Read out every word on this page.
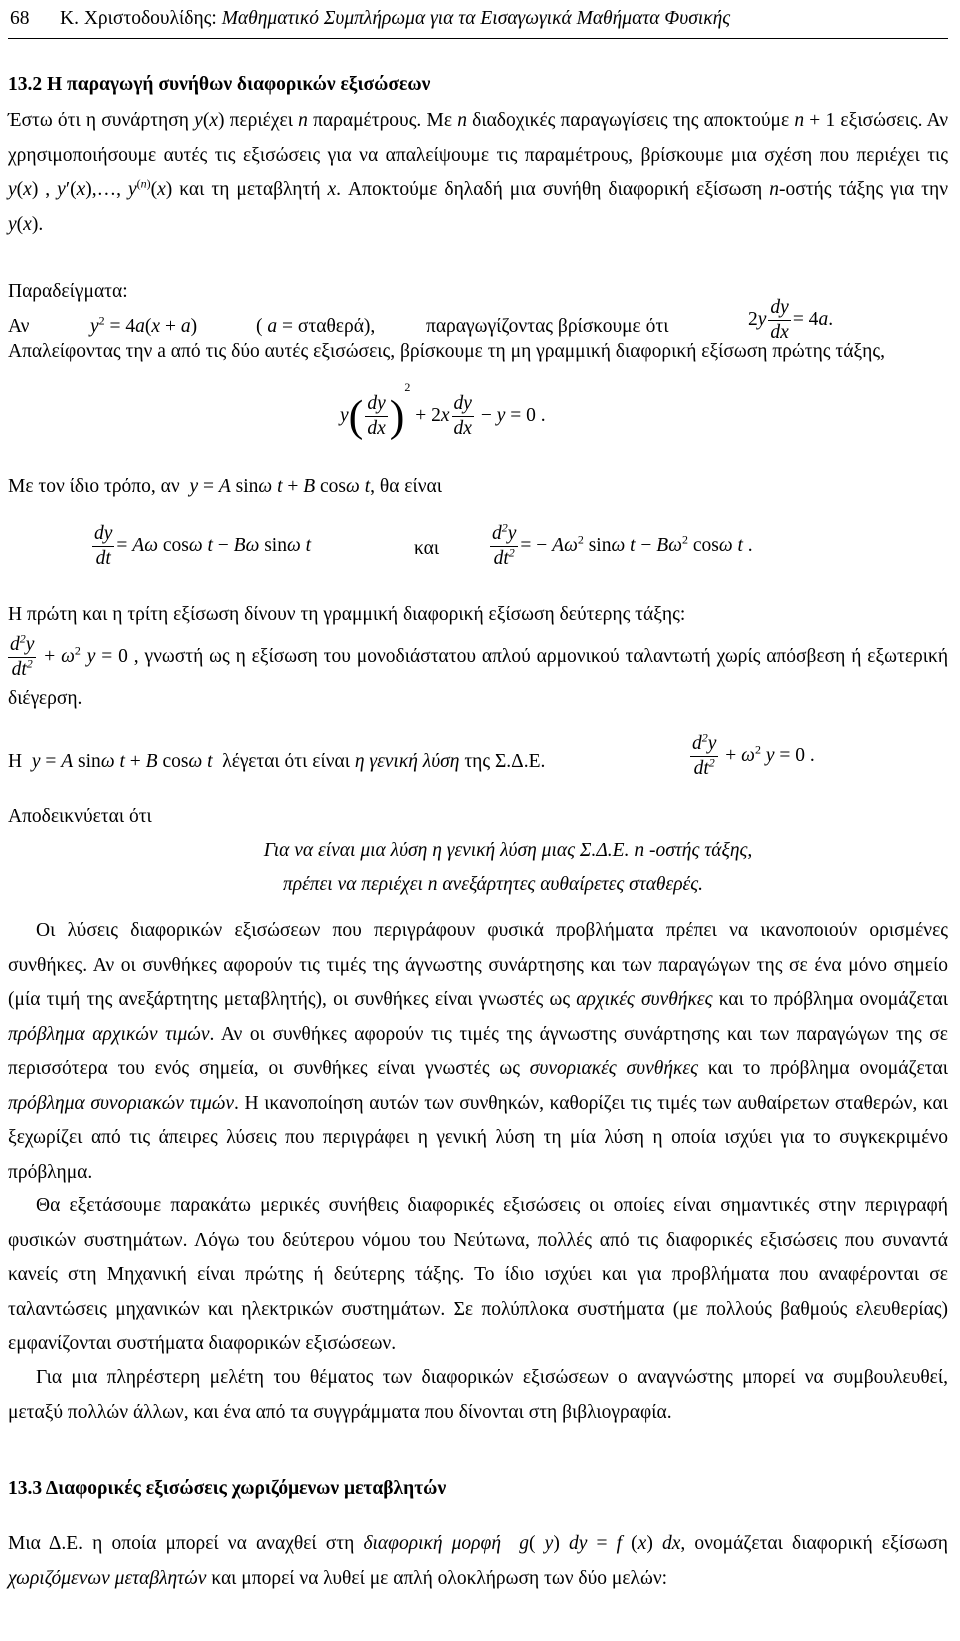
68 Κ. Χριστοδουλίδης: Μαθηματικό Συμπλήρωμα για τα Εισαγωγικά Μαθήματα Φυσικής
13.2 Η παραγωγή συνήθων διαφορικών εξισώσεων
Έστω ότι η συνάρτηση y(x) περιέχει n παραμέτρους. Με n διαδοχικές παραγωγίσεις της αποκτούμε n + 1 εξισώσεις. Αν χρησιμοποιήσουμε αυτές τις εξισώσεις για να απαλείψουμε τις παραμέτρους, βρίσκουμε μια σχέση που περιέχει τις y(x) , y′(x),…, $y^{(n)}(x)$ και τη μεταβλητή x. Αποκτούμε δηλαδή μια συνήθη διαφορική εξίσωση n-οστής τάξης για την y(x).
Παραδείγματα:
Αν	$y^2 = 4a(x + a)$	( a = σταθερά),	παραγωγίζοντας βρίσκουμε ότι	$2y \frac{dy}{dx} = 4a$.
Απαλείφοντας την a από τις δύο αυτές εξισώσεις, βρίσκουμε τη μη γραμμική διαφορική εξίσωση πρώτης τάξης,
$y( \frac{dy}{dx} )^2 + 2x \frac{dy}{dx} - y = 0$ .
Με τον ίδιο τρόπο, αν y = A sinω t + B cosω t, θα είναι
$\frac{dy}{dt} = A\omega$ cosω t − Bω sinω t	και	$\frac{d^2y}{dt^2}$ = − $A\omega^2$ sinω $t - B\omega^2$ cosω t .
Η πρώτη και η τρίτη εξίσωση δίνουν τη γραμμική διαφορική εξίσωση δεύτερης τάξης:
$\frac{d^2y}{dt^2} + \omega^2$ y = 0 , γνωστή ως η εξίσωση του μονοδιάστατου απλού αρμονικού ταλαντωτή χωρίς απόσβεση ή εξωτερική διέγερση.
Η y = A sinω t + B cosω t λέγεται ότι είναι η γενική λύση της Σ.Δ.Ε.	$\frac{d^2y}{dt^2} + \omega^2$ y = 0 .
Αποδεικνύεται ότι
Για να είναι μια λύση η γενική λύση μιας Σ.Δ.Ε. n -οστής τάξης,
πρέπει να περιέχει n ανεξάρτητες αυθαίρετες σταθερές.
Οι λύσεις διαφορικών εξισώσεων που περιγράφουν φυσικά προβλήματα πρέπει να ικανοποιούν ορισμένες συνθήκες. Αν οι συνθήκες αφορούν τις τιμές της άγνωστης συνάρτησης και των παραγώγων της σε ένα μόνο σημείο (μία τιμή της ανεξάρτητης μεταβλητής), οι συνθήκες είναι γνωστές ως αρχικές συνθήκες και το πρόβλημα ονομάζεται πρόβλημα αρχικών τιμών. Αν οι συνθήκες αφορούν τις τιμές της άγνωστης συνάρτησης και των παραγώγων της σε περισσότερα του ενός σημεία, οι συνθήκες είναι γνωστές ως συνοριακές συνθήκες και το πρόβλημα ονομάζεται πρόβλημα συνοριακών τιμών. Η ικανοποίηση αυτών των συνθηκών, καθορίζει τις τιμές των αυθαίρετων σταθερών, και ξεχωρίζει από τις άπειρες λύσεις που περιγράφει η γενική λύση τη μία λύση η οποία ισχύει για το συγκεκριμένο πρόβλημα.
Θα εξετάσουμε παρακάτω μερικές συνήθεις διαφορικές εξισώσεις οι οποίες είναι σημαντικές στην περιγραφή φυσικών συστημάτων. Λόγω του δεύτερου νόμου του Νεύτωνα, πολλές από τις διαφορικές εξισώσεις που συναντά κανείς στη Μηχανική είναι πρώτης ή δεύτερης τάξης. Το ίδιο ισχύει και για προβλήματα που αναφέρονται σε ταλαντώσεις μηχανικών και ηλεκτρικών συστημάτων. Σε πολύπλοκα συστήματα (με πολλούς βαθμούς ελευθερίας) εμφανίζονται συστήματα διαφορικών εξισώσεων.
Για μια πληρέστερη μελέτη του θέματος των διαφορικών εξισώσεων ο αναγνώστης μπορεί να συμβουλευθεί, μεταξύ πολλών άλλων, και ένα από τα συγγράμματα που δίνονται στη βιβλιογραφία.
13.3 Διαφορικές εξισώσεις χωριζόμενων μεταβλητών
Μια Δ.Ε. η οποία μπορεί να αναχθεί στη διαφορική μορφή g( y) dy = f (x) dx, ονομάζεται διαφορική εξίσωση χωριζόμενων μεταβλητών και μπορεί να λυθεί με απλή ολοκλήρωση των δύο μελών:
